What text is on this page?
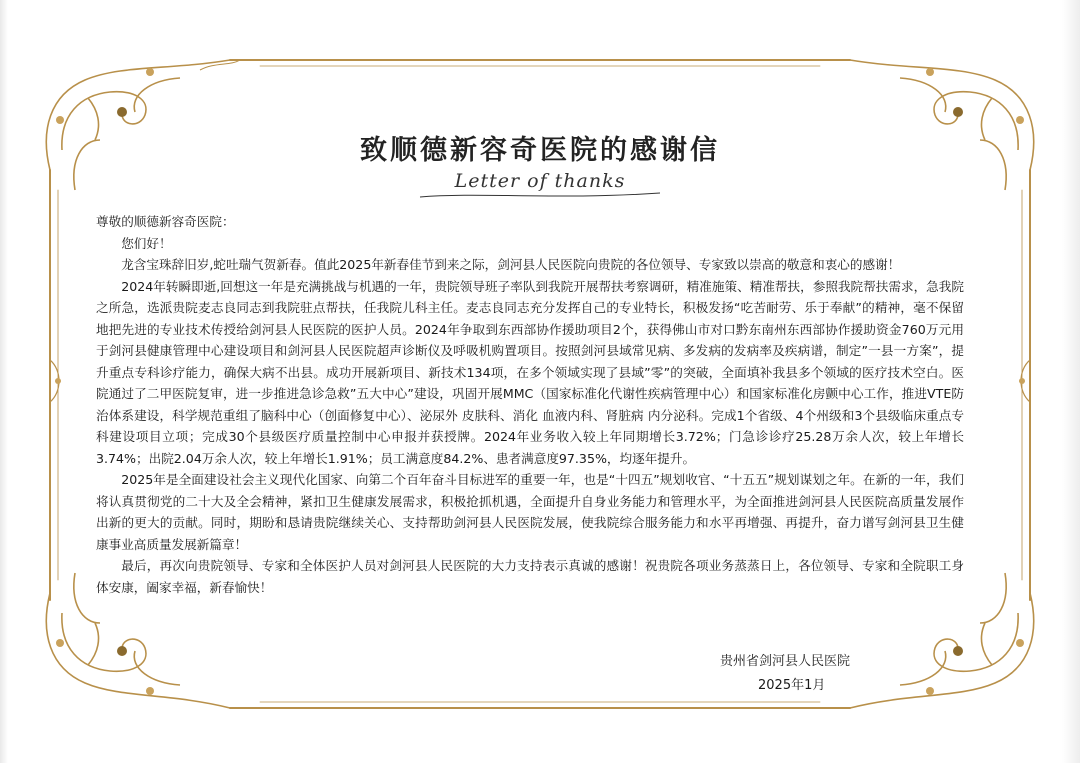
致顺德新容奇医院的感谢信
Letter of thanks

尊敬的顺德新容奇医院：

您们好！

龙含宝珠辞旧岁,蛇吐瑞气贺新春。值此2025年新春佳节到来之际，剑河县人民医院向贵院的各位领导、专家致以崇高的敬意和衷心的感谢！

2024年转瞬即逝,回想这一年是充满挑战与机遇的一年，贵院领导班子率队到我院开展帮扶考察调研，精准施策、精准帮扶，参照我院帮扶需求，急我院之所急，选派贵院麦志良同志到我院驻点帮扶，任我院儿科主任。麦志良同志充分发挥自己的专业特长，积极发扬“吃苦耐劳、乐于奉献”的精神，毫不保留地把先进的专业技术传授给剑河县人民医院的医护人员。2024年争取到东西部协作援助项目2个，获得佛山市对口黔东南州东西部协作援助资金760万元用于剑河县健康管理中心建设项目和剑河县人民医院超声诊断仪及呼吸机购置项目。按照剑河县域常见病、多发病的发病率及疾病谱，制定”一县一方案”，提升重点专科诊疗能力，确保大病不出县。成功开展新项目、新技术134项，在多个领域实现了县域”零”的突破，全面填补我县多个领域的医疗技术空白。医院通过了二甲医院复审，进一步推进急诊急救”五大中心”建设，巩固开展MMC（国家标准化代谢性疾病管理中心）和国家标准化房颤中心工作，推进VTE防治体系建设，科学规范重组了脑科中心（创面修复中心）、泌尿外 皮肤科、消化 血液内科、肾脏病 内分泌科。完成1个省级、4个州级和3个县级临床重点专科建设项目立项；完成30个县级医疗质量控制中心申报并获授牌。2024年业务收入较上年同期增长3.72%；门急诊诊疗25.28万余人次，较上年增长3.74%；出院2.04万余人次，较上年增长1.91%；员工满意度84.2%、患者满意度97.35%，均逐年提升。

2025年是全面建设社会主义现代化国家、向第二个百年奋斗目标进军的重要一年，也是“十四五”规划收官、“十五五”规划谋划之年。在新的一年，我们将认真贯彻党的二十大及全会精神，紧扣卫生健康发展需求，积极抢抓机遇，全面提升自身业务能力和管理水平，为全面推进剑河县人民医院高质量发展作出新的更大的贡献。同时，期盼和恳请贵院继续关心、支持帮助剑河县人民医院发展，使我院综合服务能力和水平再增强、再提升，奋力谱写剑河县卫生健康事业高质量发展新篇章！

最后，再次向贵院领导、专家和全体医护人员对剑河县人民医院的大力支持表示真诚的感谢！祝贵院各项业务蒸蒸日上，各位领导、专家和全院职工身体安康，阖家幸福，新春愉快！

贵州省剑河县人民医院
2025年1月
